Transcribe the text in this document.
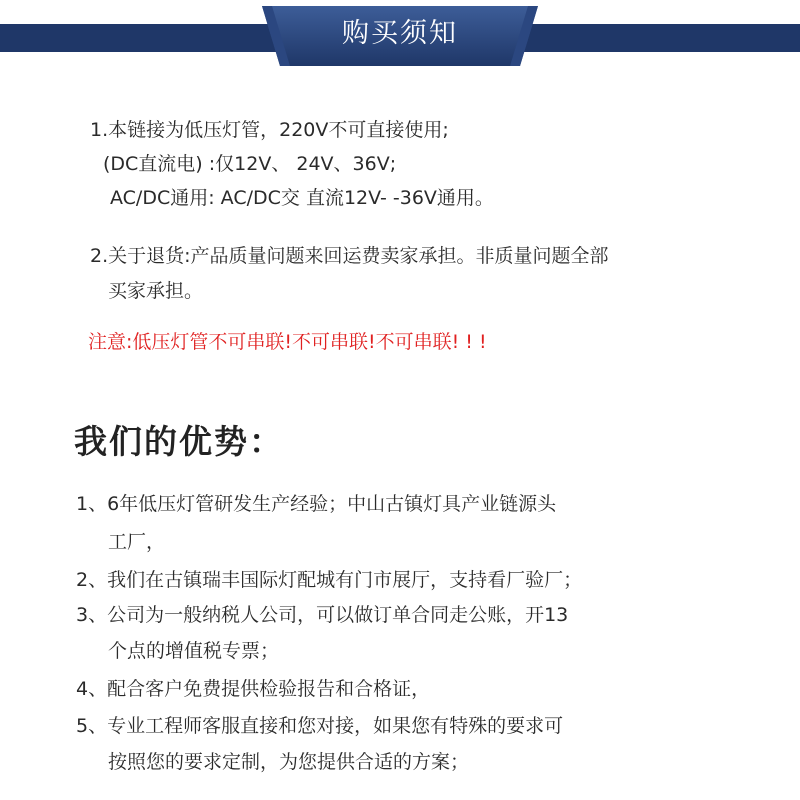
购买须知
1.本链接为低压灯管，220V不可直接使用;
(DC直流电) :仅12V、 24V、36V;
AC/DC通用: AC/DC交 直流12V- -36V通用。
2.关于退货:产品质量问题来回运费卖家承担。非质量问题全部
买家承担。
注意:低压灯管不可串联!不可串联!不可串联! ! !
我们的优势：
1、6年低压灯管研发生产经验；中山古镇灯具产业链源头
工厂，
2、我们在古镇瑞丰国际灯配城有门市展厅，支持看厂验厂；
3、公司为一般纳税人公司，可以做订单合同走公账，开13
个点的增值税专票；
4、配合客户免费提供检验报告和合格证，
5、专业工程师客服直接和您对接，如果您有特殊的要求可
按照您的要求定制，为您提供合适的方案；
